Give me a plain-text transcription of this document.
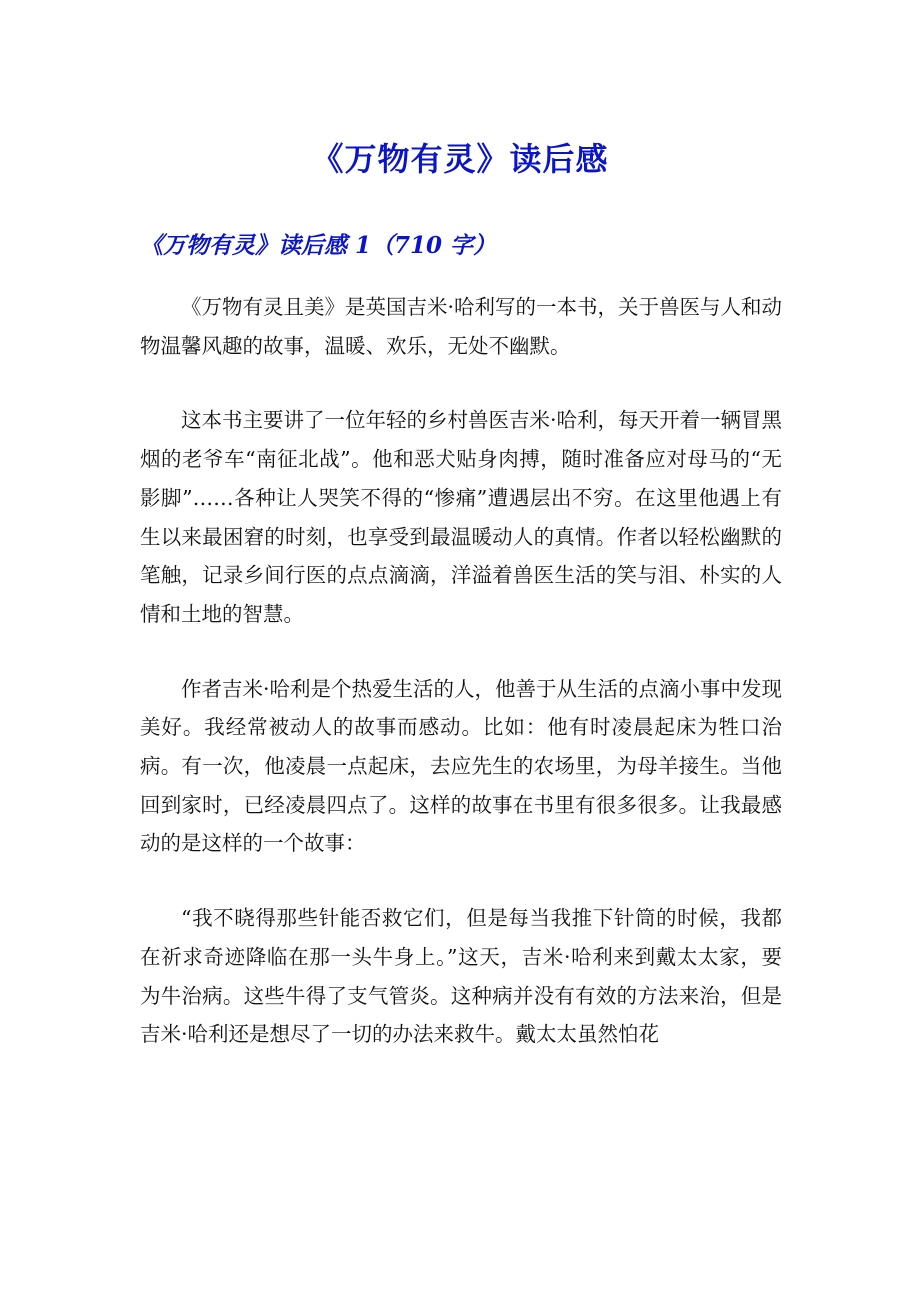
《万物有灵》读后感
《万物有灵》读后感 1（710 字）

《万物有灵且美》是英国吉米·哈利写的一本书，关于兽医与人和动物温馨风趣的故事，温暖、欢乐，无处不幽默。

这本书主要讲了一位年轻的乡村兽医吉米·哈利，每天开着一辆冒黑烟的老爷车“南征北战”。他和恶犬贴身肉搏，随时准备应对母马的“无影脚”……各种让人哭笑不得的“惨痛”遭遇层出不穷。在这里他遇上有生以来最困窘的时刻，也享受到最温暖动人的真情。作者以轻松幽默的笔触，记录乡间行医的点点滴滴，洋溢着兽医生活的笑与泪、朴实的人情和土地的智慧。

作者吉米·哈利是个热爱生活的人，他善于从生活的点滴小事中发现美好。我经常被动人的故事而感动。比如：他有时凌晨起床为牲口治病。有一次，他凌晨一点起床，去应先生的农场里，为母羊接生。当他回到家时，已经凌晨四点了。这样的故事在书里有很多很多。让我最感动的是这样的一个故事：

“我不晓得那些针能否救它们，但是每当我推下针筒的时候，我都在祈求奇迹降临在那一头牛身上。”这天，吉米·哈利来到戴太太家，要为牛治病。这些牛得了支气管炎。这种病并没有有效的方法来治，但是吉米·哈利还是想尽了一切的办法来救牛。戴太太虽然怕花
